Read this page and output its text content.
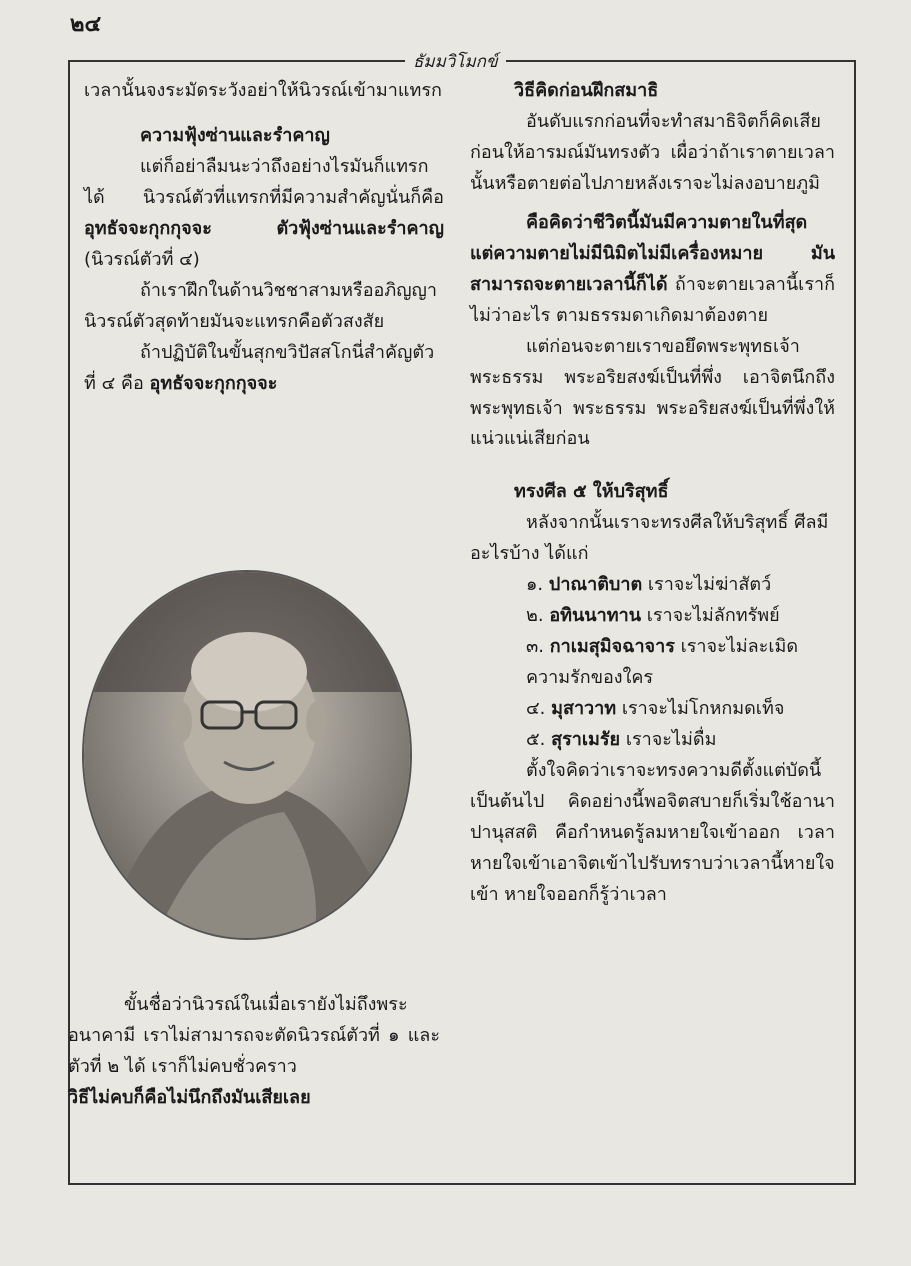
๒๔
ธัมมวิโมกข์

เวลานั้นจงระมัดระวังอย่าให้นิวรณ์เข้ามาแทรก

ความฟุ้งซ่านและรำคาญ

แต่ก็อย่าลืมนะว่าถึงอย่างไรมันก็แทรกได้ นิวรณ์ตัวที่แทรกที่มีความสำคัญนั่นก็คือ อุทธัจจะกุกกุจจะ ตัวฟุ้งซ่านและรำคาญ (นิวรณ์ตัวที่ ๔)

ถ้าเราฝึกในด้านวิชชาสามหรืออภิญญา นิวรณ์ตัวสุดท้ายมันจะแทรกคือตัวสงสัย

ถ้าปฏิบัติในขั้นสุกขวิปัสสโกนี่สำคัญตัวที่ ๔ คือ อุทธัจจะกุกกุจจะ

ขั้นชื่อว่านิวรณ์ในเมื่อเรายังไม่ถึงพระอนาคามี เราไม่สามารถจะตัดนิวรณ์ตัวที่ ๑ และตัวที่ ๒ ได้ เราก็ไม่คบชั่วคราว

วิธีไม่คบก็คือไม่นึกถึงมันเสียเลย

วิธีคิดก่อนฝึกสมาธิ

อันดับแรกก่อนที่จะทำสมาธิจิตก็คิดเสียก่อนให้อารมณ์มันทรงตัว เผื่อว่าถ้าเราตายเวลานั้นหรือตายต่อไปภายหลังเราจะไม่ลงอบายภูมิ

คือคิดว่าชีวิตนี้มันมีความตายในที่สุด แต่ความตายไม่มีนิมิตไม่มีเครื่องหมาย มันสามารถจะตายเวลานี้ก็ได้ ถ้าจะตายเวลานี้เราก็ไม่ว่าอะไร ตามธรรมดาเกิดมาต้องตาย

แต่ก่อนจะตายเราขอยึดพระพุทธเจ้า พระธรรม พระอริยสงฆ์เป็นที่พึ่ง เอาจิตนึกถึงพระพุทธเจ้า พระธรรม พระอริยสงฆ์เป็นที่พึ่งให้แน่วแน่เสียก่อน

ทรงศีล ๕ ให้บริสุทธิ์

หลังจากนั้นเราจะทรงศีลให้บริสุทธิ์ ศีลมีอะไรบ้าง ได้แก่

๑. ปาณาติบาต เราจะไม่ฆ่าสัตว์

๒. อทินนาทาน เราจะไม่ลักทรัพย์

๓. กาเมสุมิจฉาจาร เราจะไม่ละเมิดความรักของใคร

๔. มุสาวาท เราจะไม่โกหกมดเท็จ

๕. สุราเมรัย เราจะไม่ดื่ม

ตั้งใจคิดว่าเราจะทรงความดีตั้งแต่บัดนี้เป็นต้นไป คิดอย่างนี้พอจิตสบายก็เริ่มใช้อานาปานุสสติ คือกำหนดรู้ลมหายใจเข้าออก เวลาหายใจเข้าเอาจิตเข้าไปรับทราบว่าเวลานี้หายใจเข้า หายใจออกก็รู้ว่าเวลา
